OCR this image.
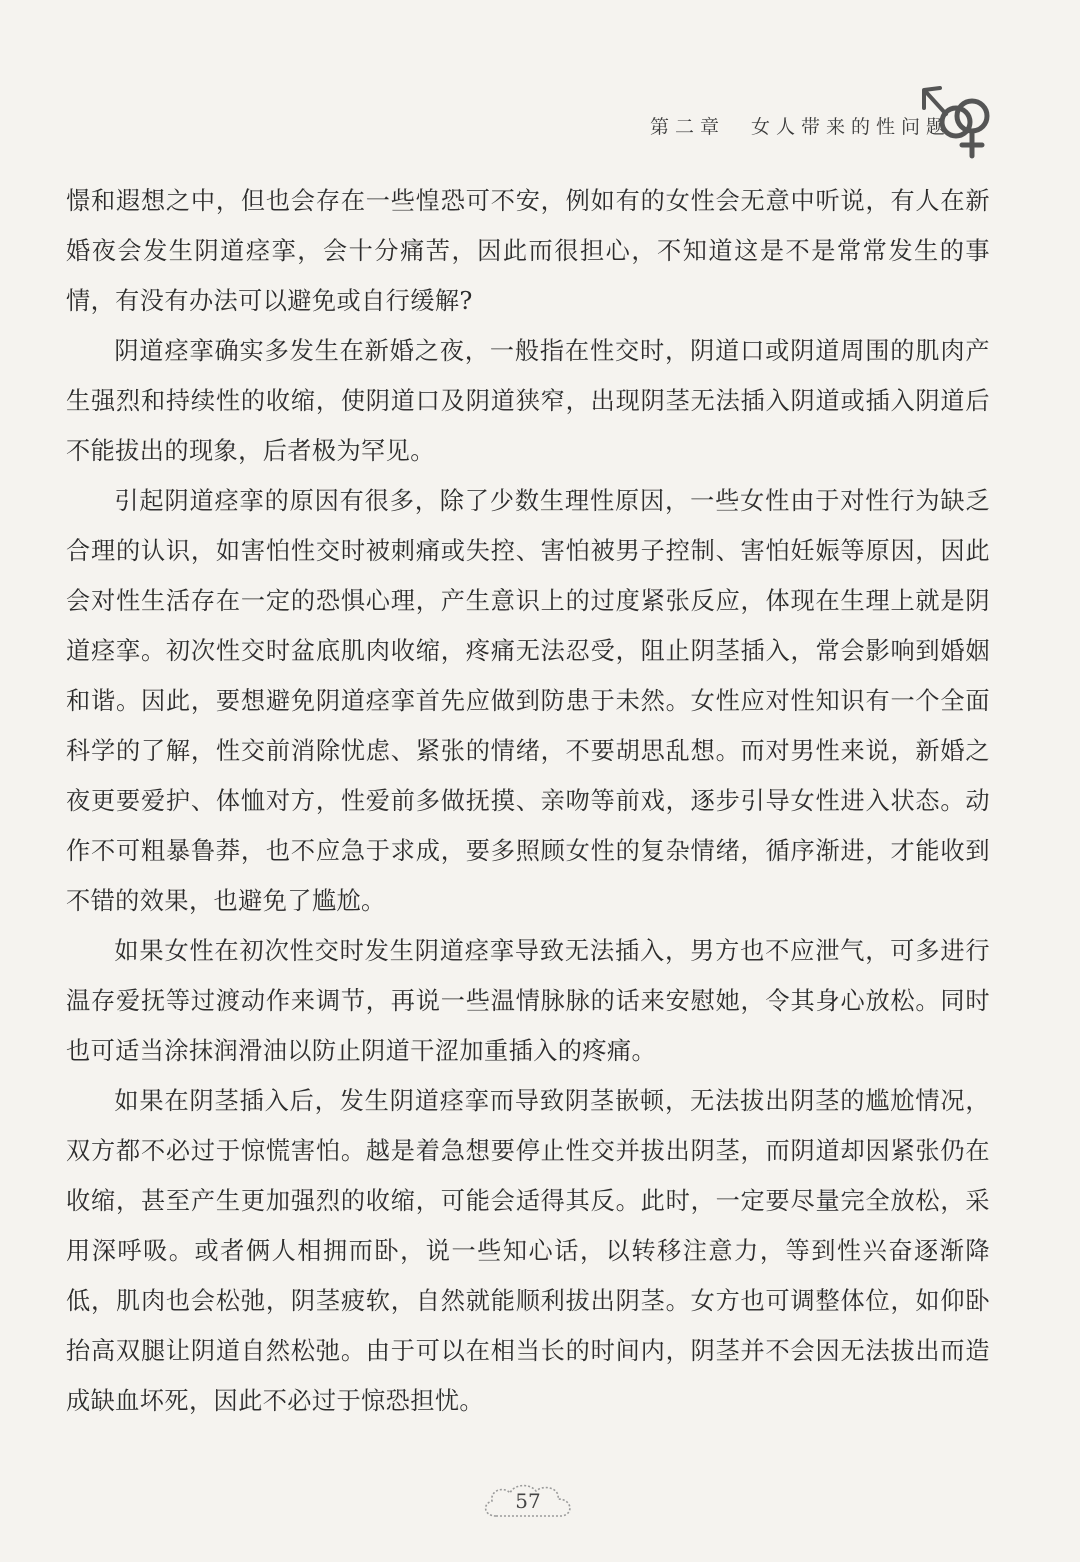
第二章 女人带来的性问题

憬和遐想之中，但也会存在一些惶恐可不安，例如有的女性会无意中听说，有人在新婚夜会发生阴道痉挛，会十分痛苦，因此而很担心，不知道这是不是常常发生的事情，有没有办法可以避免或自行缓解?

阴道痉挛确实多发生在新婚之夜，一般指在性交时，阴道口或阴道周围的肌肉产生强烈和持续性的收缩，使阴道口及阴道狭窄，出现阴茎无法插入阴道或插入阴道后不能拔出的现象，后者极为罕见。

引起阴道痉挛的原因有很多，除了少数生理性原因，一些女性由于对性行为缺乏合理的认识，如害怕性交时被刺痛或失控、害怕被男子控制、害怕妊娠等原因，因此会对性生活存在一定的恐惧心理，产生意识上的过度紧张反应，体现在生理上就是阴道痉挛。初次性交时盆底肌肉收缩，疼痛无法忍受，阻止阴茎插入，常会影响到婚姻和谐。因此，要想避免阴道痉挛首先应做到防患于未然。女性应对性知识有一个全面科学的了解，性交前消除忧虑、紧张的情绪，不要胡思乱想。而对男性来说，新婚之夜更要爱护、体恤对方，性爱前多做抚摸、亲吻等前戏，逐步引导女性进入状态。动作不可粗暴鲁莽，也不应急于求成，要多照顾女性的复杂情绪，循序渐进，才能收到不错的效果，也避免了尴尬。

如果女性在初次性交时发生阴道痉挛导致无法插入，男方也不应泄气，可多进行温存爱抚等过渡动作来调节，再说一些温情脉脉的话来安慰她，令其身心放松。同时也可适当涂抹润滑油以防止阴道干涩加重插入的疼痛。

如果在阴茎插入后，发生阴道痉挛而导致阴茎嵌顿，无法拔出阴茎的尴尬情况，双方都不必过于惊慌害怕。越是着急想要停止性交并拔出阴茎，而阴道却因紧张仍在收缩，甚至产生更加强烈的收缩，可能会适得其反。此时，一定要尽量完全放松，采用深呼吸。或者俩人相拥而卧，说一些知心话，以转移注意力，等到性兴奋逐渐降低，肌肉也会松弛，阴茎疲软，自然就能顺利拔出阴茎。女方也可调整体位，如仰卧抬高双腿让阴道自然松弛。由于可以在相当长的时间内，阴茎并不会因无法拔出而造成缺血坏死，因此不必过于惊恐担忧。

57
